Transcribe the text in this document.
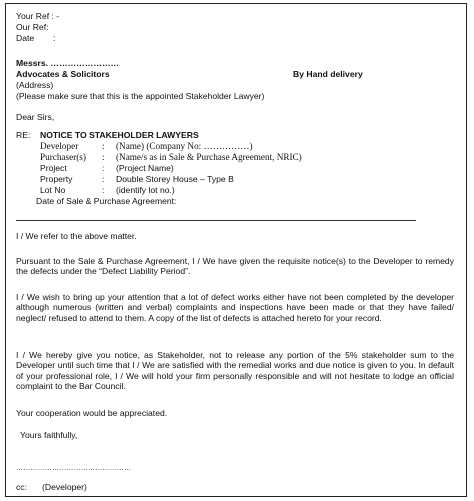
Your Ref : -
Our Ref:
Date :
Messrs. ……………………
Advocates & Solicitors	By Hand delivery
(Address)
(Please make sure that this is the appointed Stakeholder Lawyer)
Dear Sirs,
RE: NOTICE TO STAKEHOLDER LAWYERS
Developer	: (Name) (Company No: ……………)
Purchaser(s) : (Name/s as in Sale & Purchase Agreement, NRIC)
Project	: (Project Name)
Property	: Double Storey House – Type B
Lot No	: (identify lot no.)
Date of Sale & Purchase Agreement:
I / We refer to the above matter.
Pursuant to the Sale & Purchase Agreement, I / We have given the requisite notice(s) to the Developer to remedy the defects under the “Defect Liability Period”.
I / We wish to bring up your attention that a lot of defect works either have not been completed by the developer although numerous (written and verbal) complaints and inspections have been made or that they have failed/ neglect/ refused to attend to them. A copy of the list of defects is attached hereto for your record.
I / We hereby give you notice, as Stakeholder, not to release any portion of the 5% stakeholder sum to the Developer until such time that I / We are satisfied with the remedial works and due notice is given to you. In default of your professional role, I / We will hold your firm personally responsible and will not hesitate to lodge an official complaint to the Bar Council.
Your cooperation would be appreciated.
Yours faithfully,
…………………………………………
cc: (Developer)
